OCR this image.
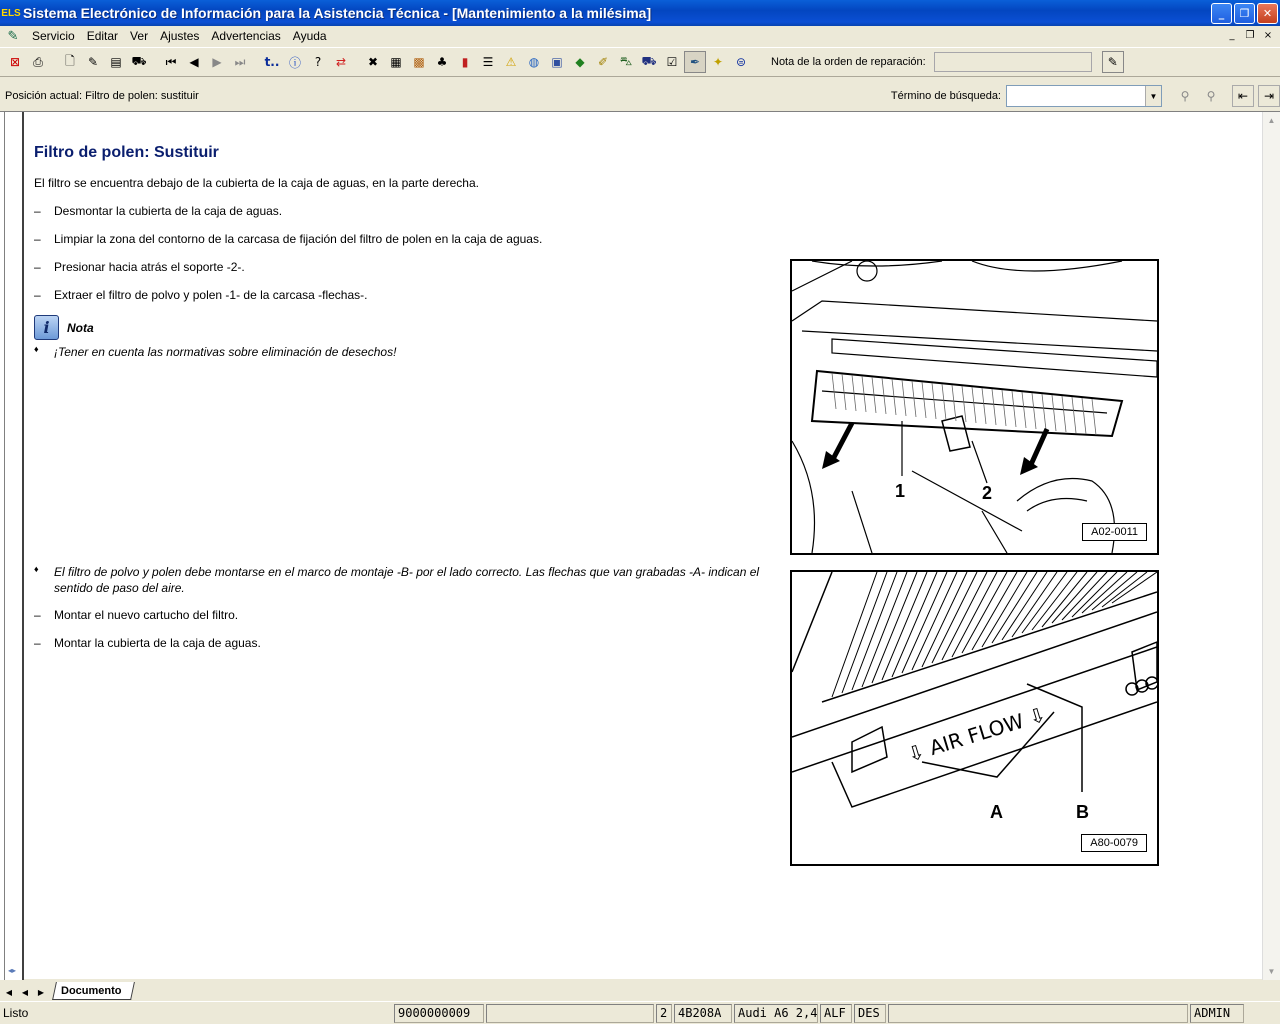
ELS Sistema Electrónico de Información para la Asistencia Técnica - [Mantenimiento a la milésima]	_	❐	✕
✎	Servicio	Editar	Ver	Ajustes	Advertencias	Ayuda	_	❐ ×
⊠	⎙	🗋	✎	▤ ⛟	⏮	◀	▶	⏭	t.. ⓘ	?	⇄	✖	▦ ▩ ♣	▮	☰	⚠	◍	▣	◆	✐ ⛍ ⛟ ☑	✒	✦	⊜	Nota de la orden de reparación:	✎
Posición actual: Filtro de polen: sustituir	Término de búsqueda:	▼	⚲	⚲	⇤	⇥
Filtro de polen: Sustituir
El filtro se encuentra debajo de la cubierta de la caja de aguas, en la parte derecha.
– Desmontar la cubierta de la caja de aguas.
– Limpiar la zona del contorno de la carcasa de fijación del filtro de polen en la caja de aguas.
– Presionar hacia atrás el soporte -2-.
– Extraer el filtro de polvo y polen -1- de la carcasa -flechas-.
i	Nota
♦ ¡Tener en cuenta las normativas sobre eliminación de desechos!
♦ El filtro de polvo y polen debe montarse en el marco de montaje -B- por el lado correcto. Las flechas que van grabadas -A- indican el sentido de paso del aire.
– Montar el nuevo cartucho del filtro.
– Montar la cubierta de la caja de aguas.
1	2
A02-0011
⇩ AIR FLOW ⇩
A	B
A80-0079
▲
▼
◂▸
◀	◀	▶	Documento
Listo	9000000009	2 4B208A	Audi A6 2,4 ALF	DES	ADMIN
